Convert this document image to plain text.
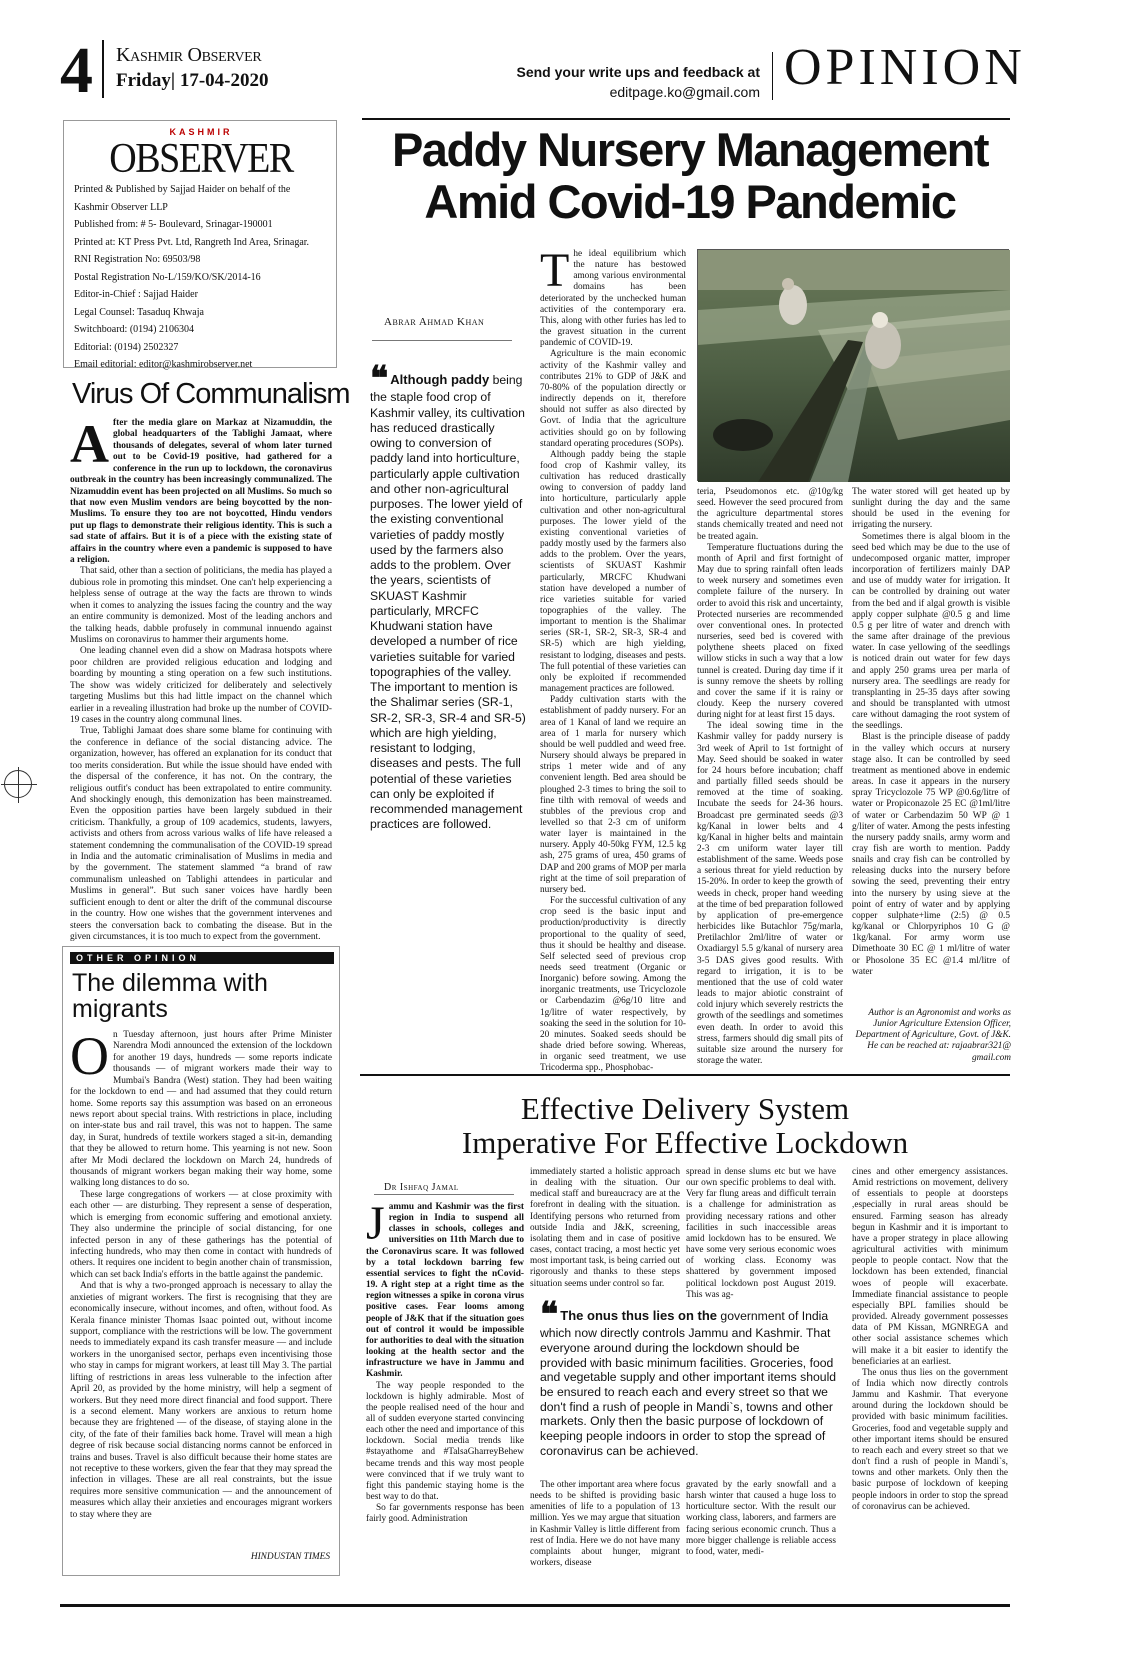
4 Kashmir Observer
Friday| 17-04-2020	Send your write ups and feedback at
editpage.ko@gmail.com OPINION
KASHMIR
OBSERVER
Printed & Published by Sajjad Haider on behalf of the
Kashmir Observer LLP
Published from: # 5- Boulevard, Srinagar-190001
Printed at: KT Press Pvt. Ltd, Rangreth Ind Area, Srinagar.
RNI Registration No: 69503/98
Postal Registration No-L/159/KO/SK/2014-16
Editor-in-Chief : Sajjad Haider
Legal Counsel: Tasaduq Khwaja
Switchboard: (0194) 2106304
Editorial: (0194) 2502327
Email editorial: editor@kashmirobserver.net
Virus Of Communalism

After the media glare on Markaz at Nizamuddin, the global headquarters of the Tablighi Jamaat, where thousands of delegates, several of whom later turned out to be Covid-19 positive, had gathered for a conference in the run up to lockdown, the coronavirus outbreak in the country has been increasingly communalized. The Nizamuddin event has been projected on all Muslims. So much so that now even Muslim vendors are being boycotted by the non-Muslims. To ensure they too are not boycotted, Hindu vendors put up flags to demonstrate their religious identity. This is such a sad state of affairs. But it is of a piece with the existing state of affairs in the country where even a pandemic is supposed to have a religion.

That said, other than a section of politicians, the media has played a dubious role in promoting this mindset. One can't help experiencing a helpless sense of outrage at the way the facts are thrown to winds when it comes to analyzing the issues facing the country and the way an entire community is demonized. Most of the leading anchors and the talking heads, dabble profusely in communal innuendo against Muslims on coronavirus to hammer their arguments home.

One leading channel even did a show on Madrasa hotspots where poor children are provided religious education and lodging and boarding by mounting a sting operation on a few such institutions. The show was widely criticized for deliberately and selectively targeting Muslims but this had little impact on the channel which earlier in a revealing illustration had broke up the number of COVID-19 cases in the country along communal lines.

True, Tablighi Jamaat does share some blame for continuing with the conference in defiance of the social distancing advice. The organization, however, has offered an explanation for its conduct that too merits consideration. But while the issue should have ended with the dispersal of the conference, it has not. On the contrary, the religious outfit's conduct has been extrapolated to entire community. And shockingly enough, this demonization has been mainstreamed. Even the opposition parties have been largely subdued in their criticism. Thankfully, a group of 109 academics, students, lawyers, activists and others from across various walks of life have released a statement condemning the communalisation of the COVID-19 spread in India and the automatic criminalisation of Muslims in media and by the government. The statement slammed “a brand of raw communalism unleashed on Tablighi attendees in particular and Muslims in general”. But such saner voices have hardly been sufficient enough to dent or alter the drift of the communal discourse in the country. How one wishes that the government intervenes and steers the conversation back to combating the disease. But in the given circumstances, it is too much to expect from the government.

OTHER OPINION
The dilemma with migrants

On Tuesday afternoon, just hours after Prime Minister Narendra Modi announced the extension of the lockdown for another 19 days, hundreds — some reports indicate thousands — of migrant workers made their way to Mumbai's Bandra (West) station. They had been waiting for the lockdown to end — and had assumed that they could return home. Some reports say this assumption was based on an erroneous news report about special trains. With restrictions in place, including on inter-state bus and rail travel, this was not to happen. The same day, in Surat, hundreds of textile workers staged a sit-in, demanding that they be allowed to return home. This yearning is not new. Soon after Mr Modi declared the lockdown on March 24, hundreds of thousands of migrant workers began making their way home, some walking long distances to do so.

These large congregations of workers — at close proximity with each other — are disturbing. They represent a sense of desperation, which is emerging from economic suffering and emotional anxiety. They also undermine the principle of social distancing, for one infected person in any of these gatherings has the potential of infecting hundreds, who may then come in contact with hundreds of others. It requires one incident to begin another chain of transmission, which can set back India's efforts in the battle against the pandemic.

And that is why a two-pronged approach is necessary to allay the anxieties of migrant workers. The first is recognising that they are economically insecure, without incomes, and often, without food. As Kerala finance minister Thomas Isaac pointed out, without income support, compliance with the restrictions will be low. The government needs to immediately expand its cash transfer measure — and include workers in the unorganised sector, perhaps even incentivising those who stay in camps for migrant workers, at least till May 3. The partial lifting of restrictions in areas less vulnerable to the infection after April 20, as provided by the home ministry, will help a segment of workers. But they need more direct financial and food support. There is a second element. Many workers are anxious to return home because they are frightened — of the disease, of staying alone in the city, of the fate of their families back home. Travel will mean a high degree of risk because social distancing norms cannot be enforced in trains and buses. Travel is also difficult because their home states are not receptive to these workers, given the fear that they may spread the infection in villages. These are all real constraints, but the issue requires more sensitive communication — and the announcement of measures which allay their anxieties and encourages migrant workers to stay where they are

HINDUSTAN TIMES
Paddy Nursery Management
Amid Covid-19 Pandemic
Abrar Ahmad Khan
❝ Although paddy being the staple food crop of Kashmir valley, its cultivation has reduced drastically owing to conversion of paddy land into horticulture, particularly apple cultivation and other non-agricultural purposes. The lower yield of the existing conventional varieties of paddy mostly used by the farmers also adds to the problem. Over the years, scientists of SKUAST Kashmir particularly, MRCFC Khudwani station have developed a number of rice varieties suitable for varied topographies of the valley. The important to mention is the Shalimar series (SR-1, SR-2, SR-3, SR-4 and SR-5) which are high yielding, resistant to lodging, diseases and pests. The full potential of these varieties can only be exploited if recommended management practices are followed.

The ideal equilibrium which the nature has bestowed among various environmental domains has been deteriorated by the unchecked human activities of the contemporary era. This, along with other furies has led to the gravest situation in the current pandemic of COVID-19.

Agriculture is the main economic activity of the Kashmir valley and contributes 21% to GDP of J&K and 70-80% of the population directly or indirectly depends on it, therefore should not suffer as also directed by Govt. of India that the agriculture activities should go on by following standard operating procedures (SOPs).

Although paddy being the staple food crop of Kashmir valley, its cultivation has reduced drastically owing to conversion of paddy land into horticulture, particularly apple cultivation and other non-agricultural purposes. The lower yield of the existing conventional varieties of paddy mostly used by the farmers also adds to the problem. Over the years, scientists of SKUAST Kashmir particularly, MRCFC Khudwani station have developed a number of rice varieties suitable for varied topographies of the valley. The important to mention is the Shalimar series (SR-1, SR-2, SR-3, SR-4 and SR-5) which are high yielding, resistant to lodging, diseases and pests. The full potential of these varieties can only be exploited if recommended management practices are followed.

Paddy cultivation starts with the establishment of paddy nursery. For an area of 1 Kanal of land we require an area of 1 marla for nursery which should be well puddled and weed free. Nursery should always be prepared in strips 1 meter wide and of any convenient length. Bed area should be ploughed 2-3 times to bring the soil to fine tilth with removal of weeds and stubbles of the previous crop and levelled so that 2-3 cm of uniform water layer is maintained in the nursery. Apply 40-50kg FYM, 12.5 kg ash, 275 grams of urea, 450 grams of DAP and 200 grams of MOP per marla right at the time of soil preparation of nursery bed.

For the successful cultivation of any crop seed is the basic input and production/productivity is directly proportional to the quality of seed, thus it should be healthy and disease. Self selected seed of previous crop needs seed treatment (Organic or Inorganic) before sowing. Among the inorganic treatments, use Tricyclozole or Carbendazim @6g/10 litre and 1g/litre of water respectively, by soaking the seed in the solution for 10-20 minutes. Soaked seeds should be shade dried before sowing. Whereas, in organic seed treatment, we use Tricoderma spp., Phosphobac-

teria, Pseudomonos etc. @10g/kg seed. However the seed procured from the agriculture departmental stores stands chemically treated and need not be treated again.

Temperature fluctuations during the month of April and first fortnight of May due to spring rainfall often leads to week nursery and sometimes even complete failure of the nursery. In order to avoid this risk and uncertainty, Protected nurseries are recommended over conventional ones. In protected nurseries, seed bed is covered with polythene sheets placed on fixed willow sticks in such a way that a low tunnel is created. During day time if it is sunny remove the sheets by rolling and cover the same if it is rainy or cloudy. Keep the nursery covered during night for at least first 15 days.

The ideal sowing time in the Kashmir valley for paddy nursery is 3rd week of April to 1st fortnight of May. Seed should be soaked in water for 24 hours before incubation; chaff and partially filled seeds should be removed at the time of soaking. Incubate the seeds for 24-36 hours. Broadcast pre germinated seeds @3 kg/Kanal in lower belts and 4 kg/Kanal in higher belts and maintain 2-3 cm uniform water layer till establishment of the same. Weeds pose a serious threat for yield reduction by 15-20%. In order to keep the growth of weeds in check, proper hand weeding at the time of bed preparation followed by application of pre-emergence herbicides like Butachlor 75g/marla, Pretilachlor 2ml/litre of water or Oxadiargyl 5.5 g/kanal of nursery area 3-5 DAS gives good results. With regard to irrigation, it is to be mentioned that the use of cold water leads to major abiotic constraint of cold injury which severely restricts the growth of the seedlings and sometimes even death. In order to avoid this stress, farmers should dig small pits of suitable size around the nursery for storage the water.

The water stored will get heated up by sunlight during the day and the same should be used in the evening for irrigating the nursery.

Sometimes there is algal bloom in the seed bed which may be due to the use of undecomposed organic matter, improper incorporation of fertilizers mainly DAP and use of muddy water for irrigation. It can be controlled by draining out water from the bed and if algal growth is visible apply copper sulphate @0.5 g and lime 0.5 g per litre of water and drench with the same after drainage of the previous water. In case yellowing of the seedlings is noticed drain out water for few days and apply 250 grams urea per marla of nursery area. The seedlings are ready for transplanting in 25-35 days after sowing and should be transplanted with utmost care without damaging the root system of the seedlings.

Blast is the principle disease of paddy in the valley which occurs at nursery stage also. It can be controlled by seed treatment as mentioned above in endemic areas. In case it appears in the nursery spray Tricyclozole 75 WP @0.6g/litre of water or Propiconazole 25 EC @1ml/litre of water or Carbendazim 50 WP @ 1 g/liter of water. Among the pests infesting the nursery paddy snails, army worm and cray fish are worth to mention. Paddy snails and cray fish can be controlled by releasing ducks into the nursery before sowing the seed, preventing their entry into the nursery by using sieve at the point of entry of water and by applying copper sulphate+lime (2:5) @ 0.5 kg/kanal or Chlorpyriphos 10 G @ 1kg/kanal. For army worm use Dimethoate 30 EC @ 1 ml/litre of water or Phosolone 35 EC @1.4 ml/litre of water

Author is an Agronomist and works as Junior Agriculture Extension Officer, Department of Agriculture, Govt. of J&K. He can be reached at: rajaabrar321@ gmail.com
Effective Delivery System
Imperative For Effective Lockdown
Dr Ishfaq Jamal

Jammu and Kashmir was the first region in India to suspend all classes in schools, colleges and universities on 11th March due to the Coronavirus scare. It was followed by a total lockdown barring few essential services to fight the nCovid-19. A right step at a right time as the region witnesses a spike in corona virus positive cases. Fear looms among people of J&K that if the situation goes out of control it would be impossible for authorities to deal with the situation looking at the health sector and the infrastructure we have in Jammu and Kashmir.

The way people responded to the lockdown is highly admirable. Most of the people realised need of the hour and all of sudden everyone started convincing each other the need and importance of this lockdown. Social media trends like #stayathome and #TalsaGharreyBehew became trends and this way most people were convinced that if we truly want to fight this pandemic staying home is the best way to do that.

So far governments response has been fairly good. Administration

immediately started a holistic approach in dealing with the situation. Our medical staff and bureaucracy are at the forefront in dealing with the situation. Identifying persons who returned from outside India and J&K, screening, isolating them and in case of positive cases, contact tracing, a most hectic yet most important task, is being carried out rigorously and thanks to these steps situation seems under control so far.
spread in dense slums etc but we have our own specific problems to deal with. Very far flung areas and difficult terrain is a challenge for administration as providing necessary rations and other facilities in such inaccessible areas amid lockdown has to be ensured. We have some very serious economic woes of working class. Economy was shattered by government imposed political lockdown post August 2019. This was ag-
❝ The onus thus lies on the government of India which now directly controls Jammu and Kashmir. That everyone around during the lockdown should be provided with basic minimum facilities. Groceries, food and vegetable supply and other important items should be ensured to reach each and every street so that we don't find a rush of people in Mandi`s, towns and other markets. Only then the basic purpose of lockdown of keeping people indoors in order to stop the spread of coronavirus can be achieved.
The other important area where focus needs to be shifted is providing basic amenities of life to a population of 13 million. Yes we may argue that situation in Kashmir Valley is little different from rest of India. Here we do not have many complaints about hunger, migrant workers, disease
gravated by the early snowfall and a harsh winter that caused a huge loss to horticulture sector. With the result our working class, laborers, and farmers are facing serious economic crunch. Thus a more bigger challenge is reliable access to food, water, medi-

cines and other emergency assistances. Amid restrictions on movement, delivery of essentials to people at doorsteps ,especially in rural areas should be ensured. Farming season has already begun in Kashmir and it is important to have a proper strategy in place allowing agricultural activities with minimum people to people contact. Now that the lockdown has been extended, financial woes of people will exacerbate. Immediate financial assistance to people especially BPL families should be provided. Already government possesses data of PM Kissan, MGNREGA and other social assistance schemes which will make it a bit easier to identify the beneficiaries at an earliest.

The onus thus lies on the government of India which now directly controls Jammu and Kashmir. That everyone around during the lockdown should be provided with basic minimum facilities. Groceries, food and vegetable supply and other important items should be ensured to reach each and every street so that we don't find a rush of people in Mandi`s, towns and other markets. Only then the basic purpose of lockdown of keeping people indoors in order to stop the spread of coronavirus can be achieved.
